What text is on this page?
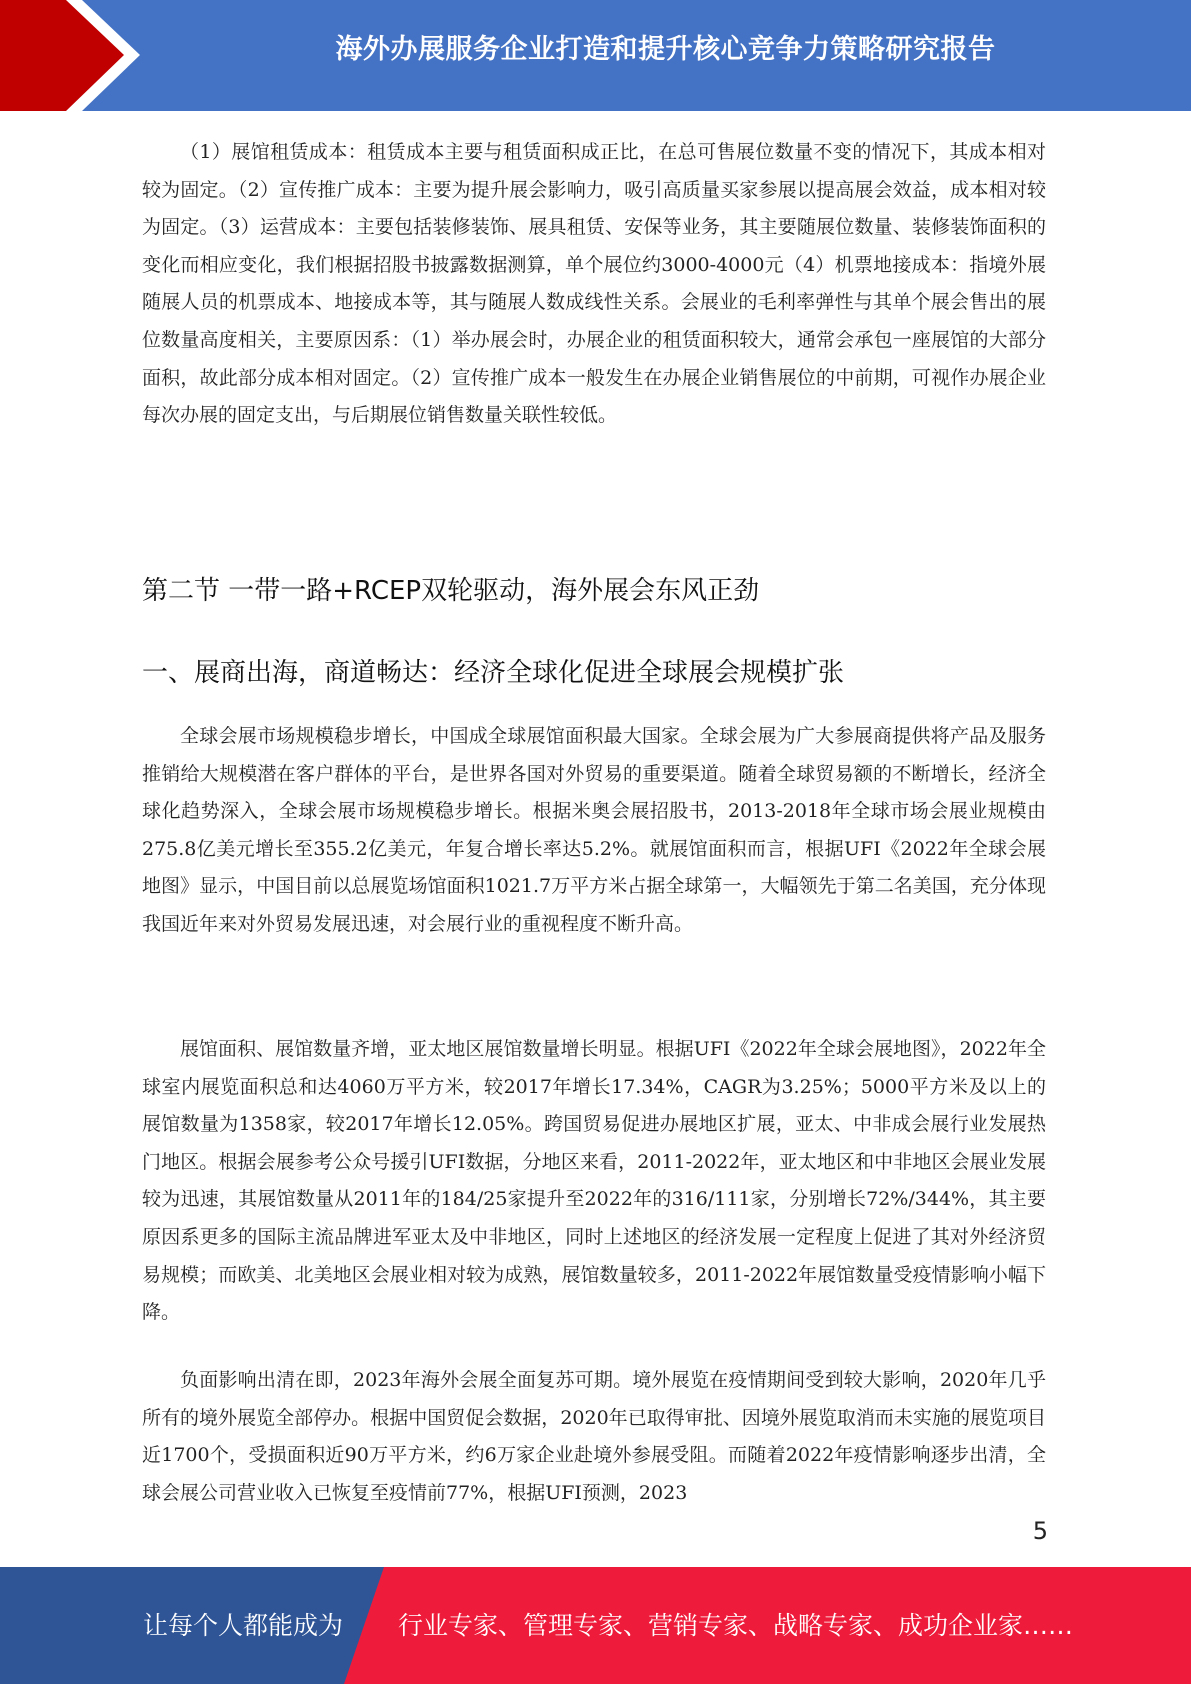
海外办展服务企业打造和提升核心竞争力策略研究报告

（1）展馆租赁成本：租赁成本主要与租赁面积成正比，在总可售展位数量不变的情况下，其成本相对较为固定。（2）宣传推广成本：主要为提升展会影响力，吸引高质量买家参展以提高展会效益，成本相对较为固定。（3）运营成本：主要包括装修装饰、展具租赁、安保等业务，其主要随展位数量、装修装饰面积的变化而相应变化，我们根据招股书披露数据测算，单个展位约3000-4000元（4）机票地接成本：指境外展随展人员的机票成本、地接成本等，其与随展人数成线性关系。会展业的毛利率弹性与其单个展会售出的展位数量高度相关，主要原因系：（1）举办展会时，办展企业的租赁面积较大，通常会承包一座展馆的大部分面积，故此部分成本相对固定。（2）宣传推广成本一般发生在办展企业销售展位的中前期，可视作办展企业每次办展的固定支出，与后期展位销售数量关联性较低。

第二节 一带一路+RCEP双轮驱动，海外展会东风正劲
一、展商出海，商道畅达：经济全球化促进全球展会规模扩张

全球会展市场规模稳步增长，中国成全球展馆面积最大国家。全球会展为广大参展商提供将产品及服务推销给大规模潜在客户群体的平台，是世界各国对外贸易的重要渠道。随着全球贸易额的不断增长，经济全球化趋势深入，全球会展市场规模稳步增长。根据米奥会展招股书，2013-2018年全球市场会展业规模由275.8亿美元增长至355.2亿美元，年复合增长率达5.2%。就展馆面积而言，根据UFI《2022年全球会展地图》显示，中国目前以总展览场馆面积1021.7万平方米占据全球第一，大幅领先于第二名美国，充分体现我国近年来对外贸易发展迅速，对会展行业的重视程度不断升高。

展馆面积、展馆数量齐增，亚太地区展馆数量增长明显。根据UFI《2022年全球会展地图》，2022年全球室内展览面积总和达4060万平方米，较2017年增长17.34%，CAGR为3.25%；5000平方米及以上的展馆数量为1358家，较2017年增长12.05%。跨国贸易促进办展地区扩展，亚太、中非成会展行业发展热门地区。根据会展参考公众号援引UFI数据，分地区来看，2011-2022年，亚太地区和中非地区会展业发展较为迅速，其展馆数量从2011年的184/25家提升至2022年的316/111家，分别增长72%/344%，其主要原因系更多的国际主流品牌进军亚太及中非地区，同时上述地区的经济发展一定程度上促进了其对外经济贸易规模；而欧美、北美地区会展业相对较为成熟，展馆数量较多，2011-2022年展馆数量受疫情影响小幅下降。

负面影响出清在即，2023年海外会展全面复苏可期。境外展览在疫情期间受到较大影响，2020年几乎所有的境外展览全部停办。根据中国贸促会数据，2020年已取得审批、因境外展览取消而未实施的展览项目近1700个，受损面积近90万平方米，约6万家企业赴境外参展受阻。而随着2022年疫情影响逐步出清，全球会展公司营业收入已恢复至疫情前77%，根据UFI预测，2023

5
让每个人都能成为 行业专家、管理专家、营销专家、战略专家、成功企业家……
